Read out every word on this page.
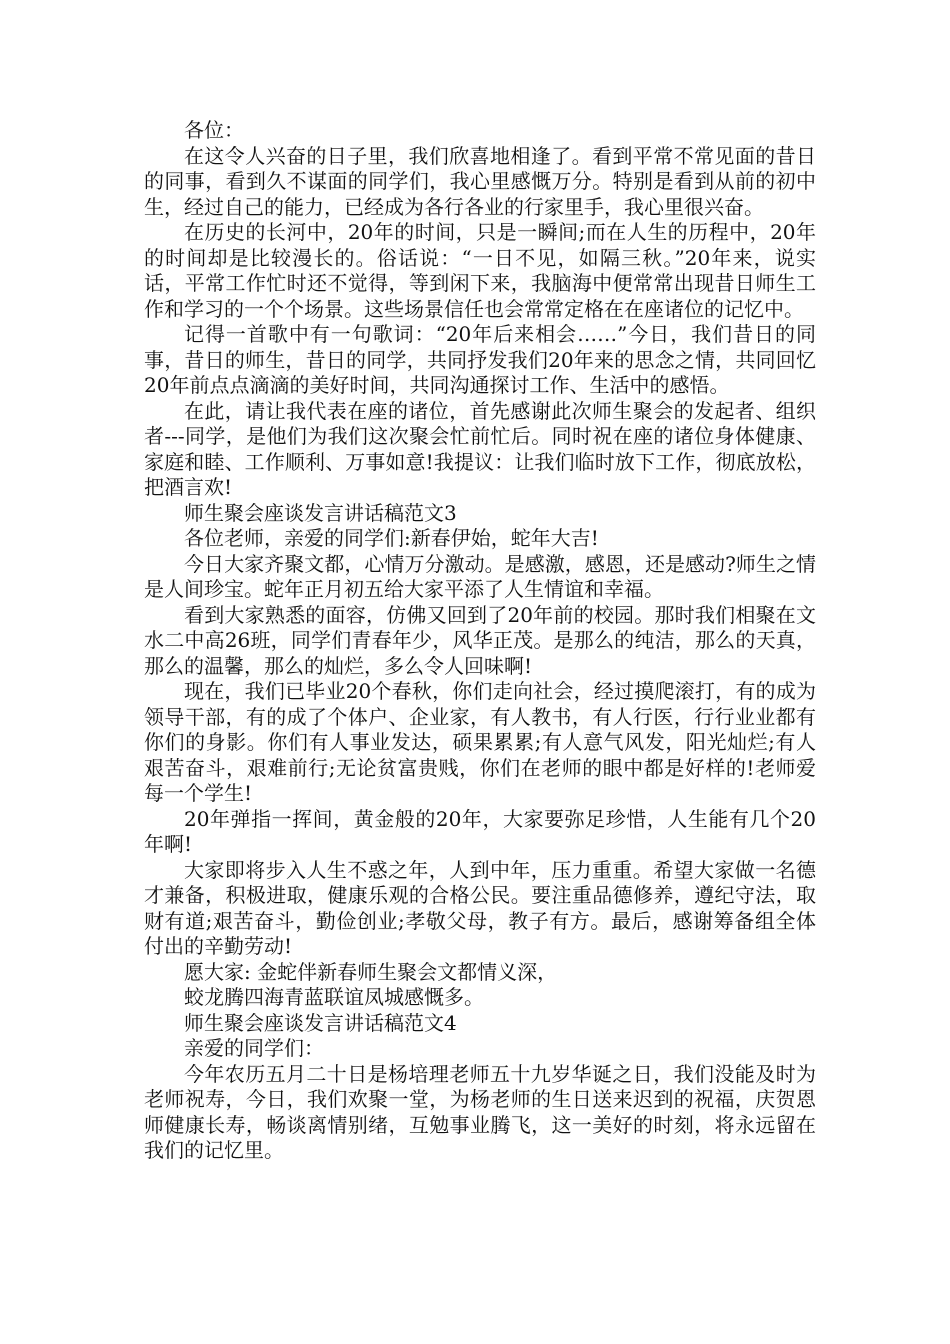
各位：

在这令人兴奋的日子里，我们欣喜地相逢了。看到平常不常见面的昔日的同事，看到久不谋面的同学们，我心里感慨万分。特别是看到从前的初中生，经过自己的能力，已经成为各行各业的行家里手，我心里很兴奋。

在历史的长河中，20年的时间，只是一瞬间;而在人生的历程中，20年的时间却是比较漫长的。俗话说：“一日不见，如隔三秋。”20年来，说实话，平常工作忙时还不觉得，等到闲下来，我脑海中便常常出现昔日师生工作和学习的一个个场景。这些场景信任也会常常定格在在座诸位的记忆中。

记得一首歌中有一句歌词：“20年后来相会……”今日，我们昔日的同事，昔日的师生，昔日的同学，共同抒发我们20年来的思念之情，共同回忆20年前点点滴滴的美好时间，共同沟通探讨工作、生活中的感悟。

在此，请让我代表在座的诸位，首先感谢此次师生聚会的发起者、组织者---同学，是他们为我们这次聚会忙前忙后。同时祝在座的诸位身体健康、家庭和睦、工作顺利、万事如意!我提议：让我们临时放下工作，彻底放松，把酒言欢!

师生聚会座谈发言讲话稿范文3

各位老师，亲爱的同学们:新春伊始，蛇年大吉!

今日大家齐聚文都，心情万分激动。是感激，感恩，还是感动?师生之情是人间珍宝。蛇年正月初五给大家平添了人生情谊和幸福。

看到大家熟悉的面容，仿佛又回到了20年前的校园。那时我们相聚在文水二中高26班，同学们青春年少，风华正茂。是那么的纯洁，那么的天真，那么的温馨，那么的灿烂，多么令人回味啊!

现在，我们已毕业20个春秋，你们走向社会，经过摸爬滚打，有的成为领导干部，有的成了个体户、企业家，有人教书，有人行医，行行业业都有你们的身影。你们有人事业发达，硕果累累;有人意气风发，阳光灿烂;有人艰苦奋斗，艰难前行;无论贫富贵贱，你们在老师的眼中都是好样的!老师爱每一个学生!

20年弹指一挥间，黄金般的20年，大家要弥足珍惜，人生能有几个20年啊!

大家即将步入人生不惑之年，人到中年，压力重重。希望大家做一名德才兼备，积极进取，健康乐观的合格公民。要注重品德修养，遵纪守法，取财有道;艰苦奋斗，勤俭创业;孝敬父母，教子有方。最后，感谢筹备组全体付出的辛勤劳动!

愿大家: 金蛇伴新春师生聚会文都情义深，

蛟龙腾四海青蓝联谊凤城感慨多。

师生聚会座谈发言讲话稿范文4

亲爱的同学们：

今年农历五月二十日是杨培理老师五十九岁华诞之日，我们没能及时为老师祝寿，今日，我们欢聚一堂，为杨老师的生日送来迟到的祝福，庆贺恩师健康长寿，畅谈离情别绪，互勉事业腾飞，这一美好的时刻，将永远留在我们的记忆里。
